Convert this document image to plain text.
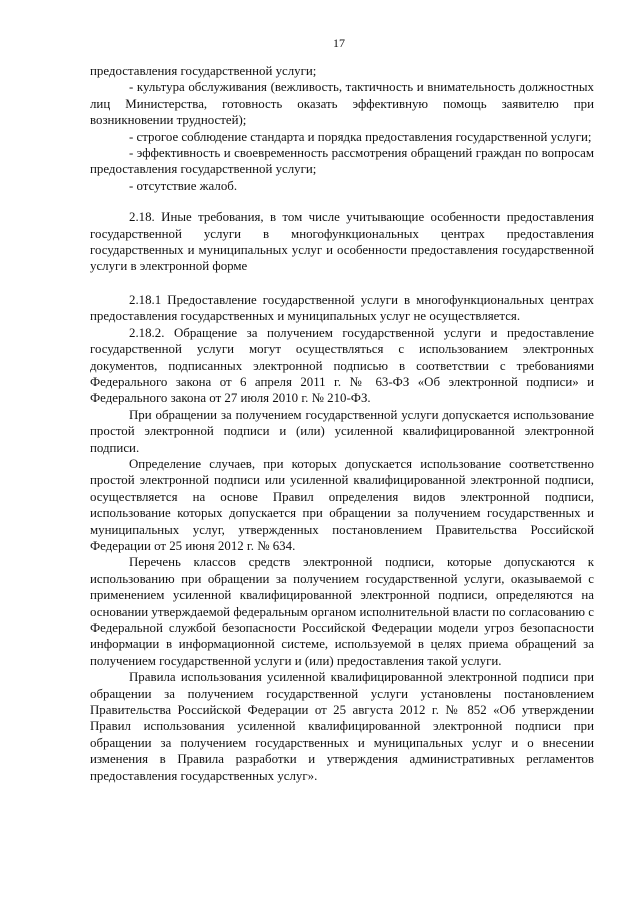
17

предоставления государственной услуги;

- культура обслуживания (вежливость, тактичность и внимательность должностных лиц Министерства, готовность оказать эффективную помощь заявителю при возникновении трудностей);

- строгое соблюдение стандарта и порядка предоставления государственной услуги;

- эффективность и своевременность рассмотрения обращений граждан по вопросам предоставления государственной услуги;

- отсутствие жалоб.

2.18. Иные требования, в том числе учитывающие особенности предоставления государственной услуги в многофункциональных центрах предоставления государственных и муниципальных услуг и особенности предоставления государственной услуги в электронной форме

2.18.1 Предоставление государственной услуги в многофункциональных центрах предоставления государственных и муниципальных услуг не осуществляется.

2.18.2. Обращение за получением государственной услуги и предоставление государственной услуги могут осуществляться с использованием электронных документов, подписанных электронной подписью в соответствии с требованиями Федерального закона от 6 апреля 2011 г. № 63-ФЗ «Об электронной подписи» и Федерального закона от 27 июля 2010 г. № 210-ФЗ.

При обращении за получением государственной услуги допускается использование простой электронной подписи и (или) усиленной квалифицированной электронной подписи.

Определение случаев, при которых допускается использование соответственно простой электронной подписи или усиленной квалифицированной электронной подписи, осуществляется на основе Правил определения видов электронной подписи, использование которых допускается при обращении за получением государственных и муниципальных услуг, утвержденных постановлением Правительства Российской Федерации от 25 июня 2012 г. № 634.

Перечень классов средств электронной подписи, которые допускаются к использованию при обращении за получением государственной услуги, оказываемой с применением усиленной квалифицированной электронной подписи, определяются на основании утверждаемой федеральным органом исполнительной власти по согласованию с Федеральной службой безопасности Российской Федерации модели угроз безопасности информации в информационной системе, используемой в целях приема обращений за получением государственной услуги и (или) предоставления такой услуги.

Правила использования усиленной квалифицированной электронной подписи при обращении за получением государственной услуги установлены постановлением Правительства Российской Федерации от 25 августа 2012 г. № 852 «Об утверждении Правил использования усиленной квалифицированной электронной подписи при обращении за получением государственных и муниципальных услуг и о внесении изменения в Правила разработки и утверждения административных регламентов предоставления государственных услуг».
